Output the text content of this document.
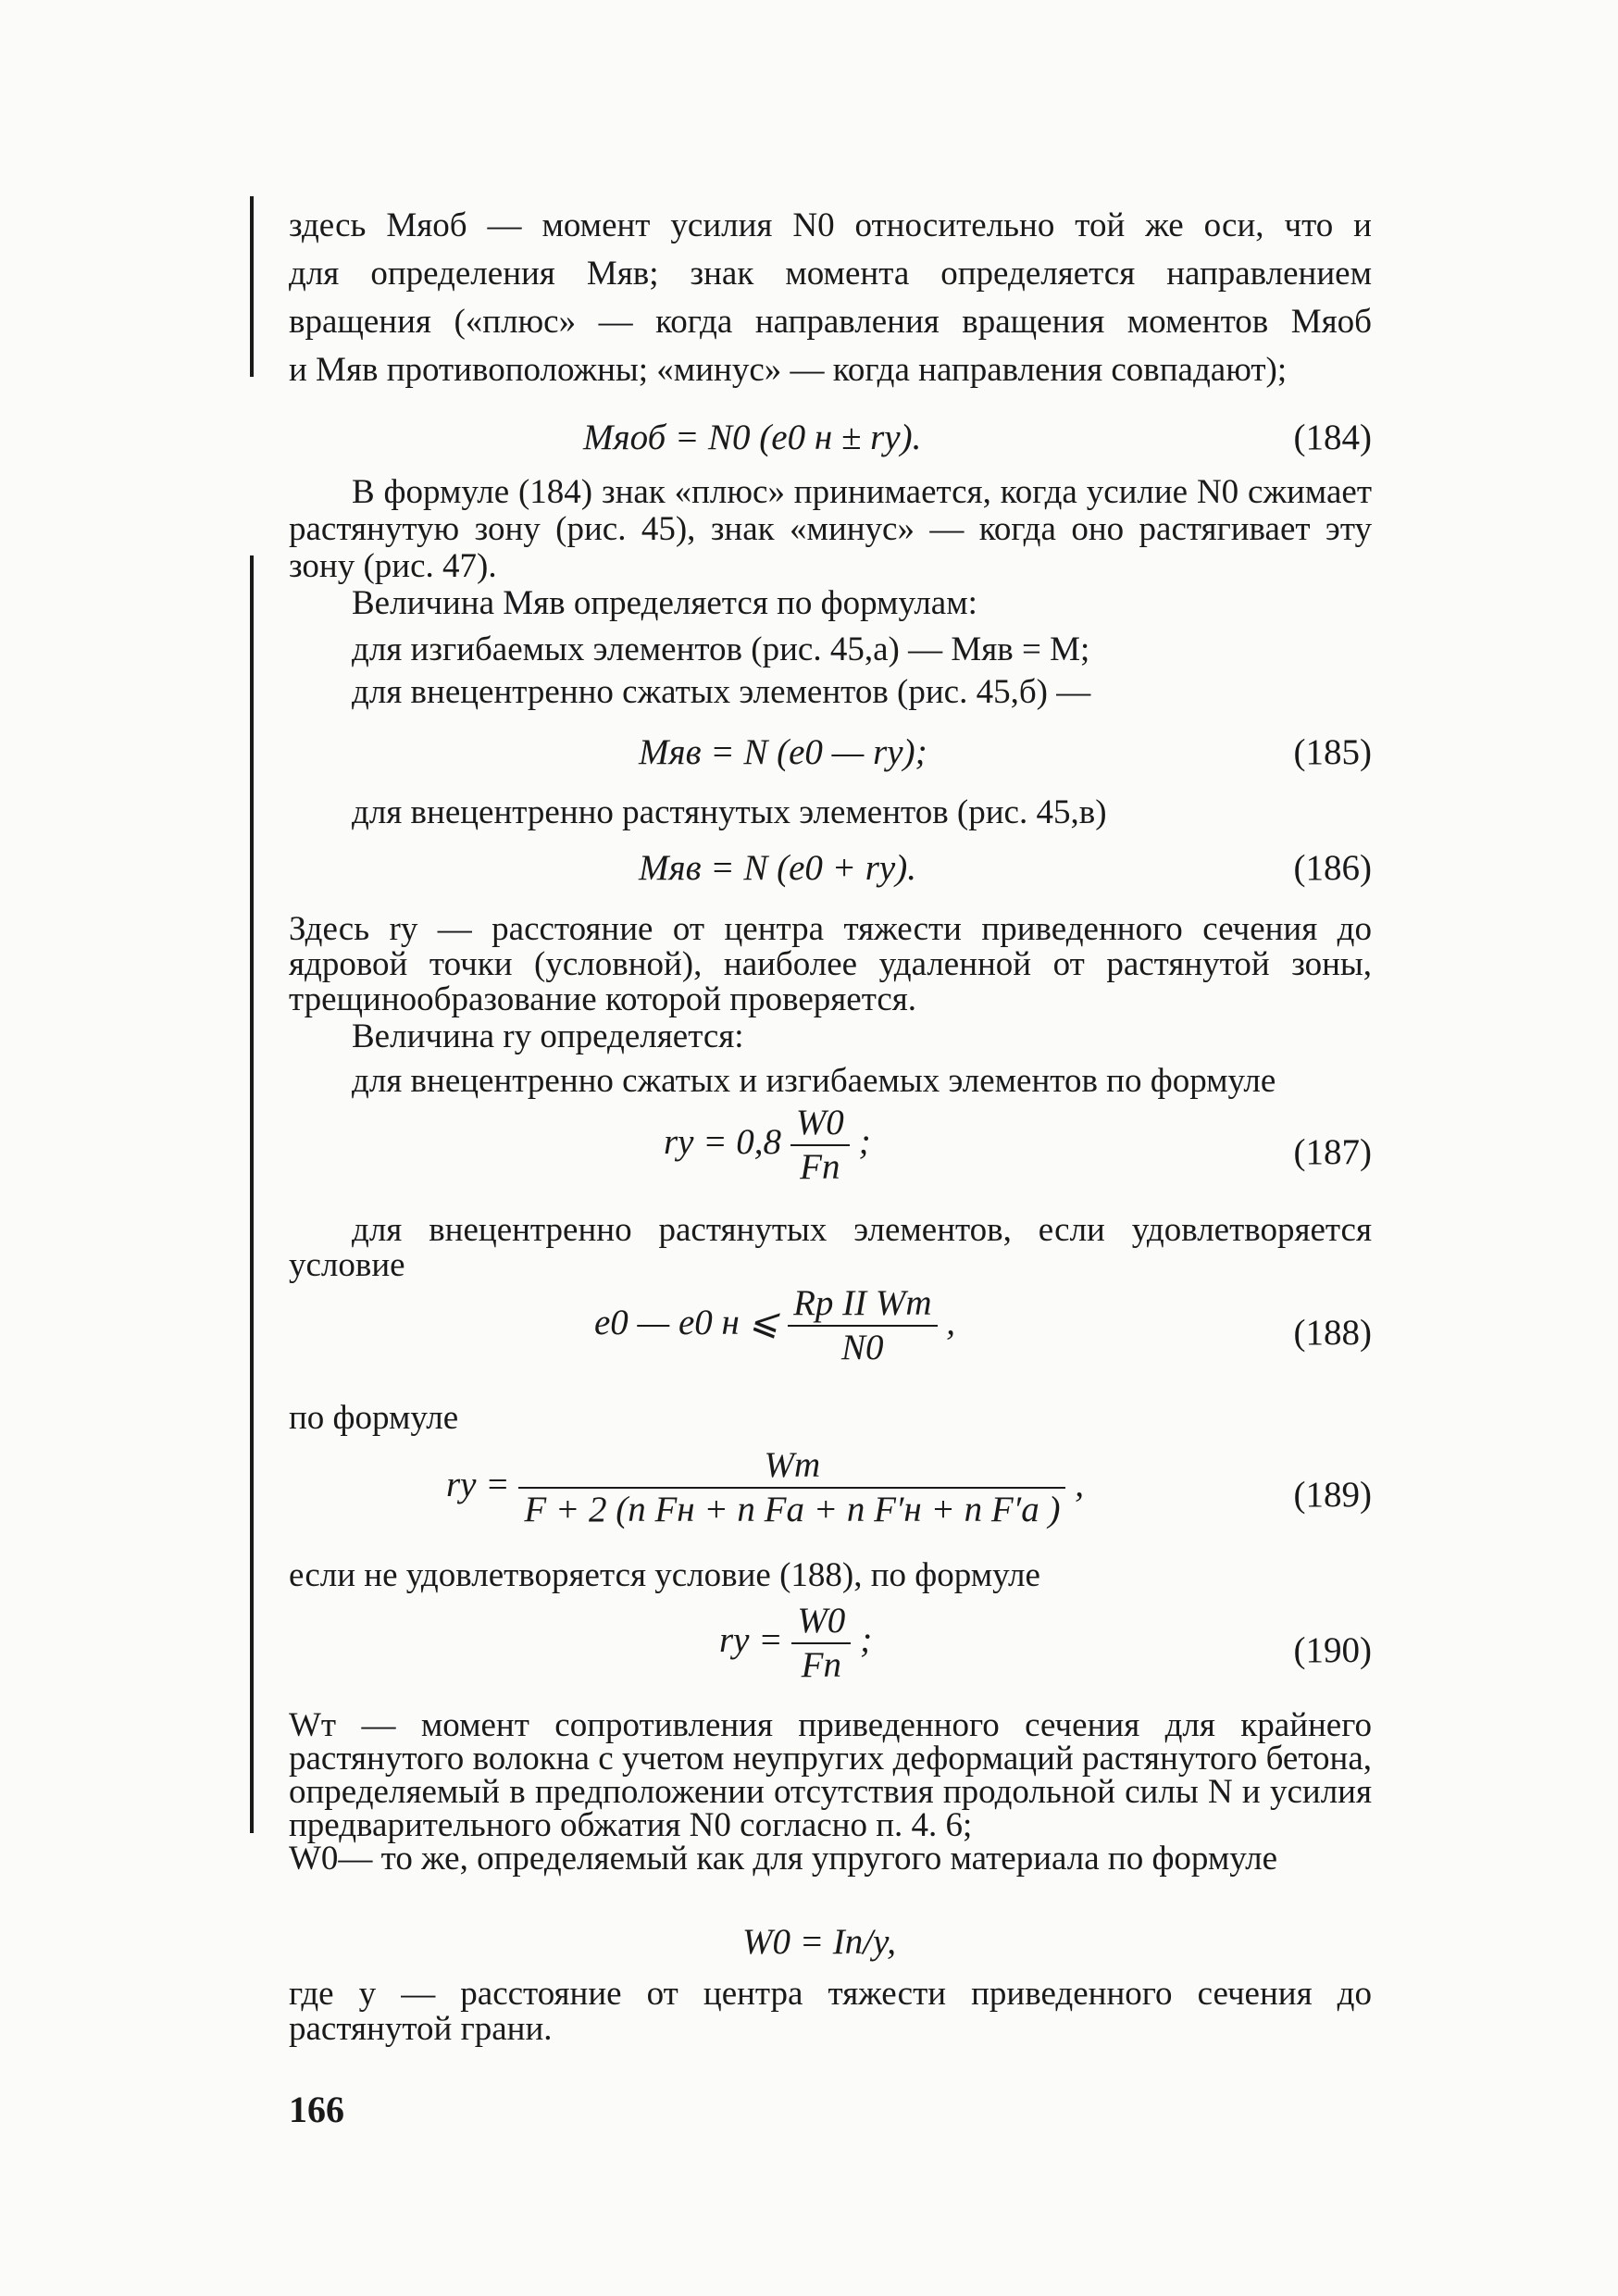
здесь Mяоб — момент усилия N0 относительно той же оси, что и
для определения Mяв; знак момента определяется направлением
вращения («плюс» — когда направления вращения моментов Mяоб
и Mяв противоположны; «минус» — когда направления совпадают);
Mяоб = N0 (e0 н ± rу).	(184)
В формуле (184) знак «плюс» принимается, когда усилие N0 сжимает растянутую зону (рис. 45), знак «минус» — когда оно растягивает эту зону (рис. 47).
Величина Mяв определяется по формулам:
для изгибаемых элементов (рис. 45,а) — Mяв = M;
для внецентренно сжатых элементов (рис. 45,б) —
Mяв = N (e0 — rу);	(185)
для внецентренно растянутых элементов (рис. 45,в)
Mяв = N (e0 + rу).	(186)
Здесь rу — расстояние от центра тяжести приведенного сечения до ядровой точки (условной), наиболее удаленной от растянутой зоны, трещинообразование которой проверяется.
Величина rу определяется:
для внецентренно сжатых и изгибаемых элементов по формуле
rу = $0,8 \frac{W0}{Fп}$ ;	(187)
для внецентренно растянутых элементов, если удовлетворяется условие
e0 — e0 н ⩽ $\frac{\text{Rр II Wт}}{N0}$ ,	(188)
по формуле
rу = $\frac{Wт}{\text{F + 2 (n Fн + n Fа + n F′н + n F′а )}}$ ,	(189)
если не удовлетворяется условие (188), по формуле
rу = $\frac{W0}{Fп}$ ;	(190)
Wт — момент сопротивления приведенного сечения для крайнего растянутого волокна с учетом неупругих деформаций растянутого бетона, определяемый в предположении отсутствия продольной силы N и усилия предварительного обжатия N0 согласно п. 4. 6;
W0— то же, определяемый как для упругого материала по формуле
W0 = Iп/y,
где y — расстояние от центра тяжести приведенного сечения до растянутой грани.
166
